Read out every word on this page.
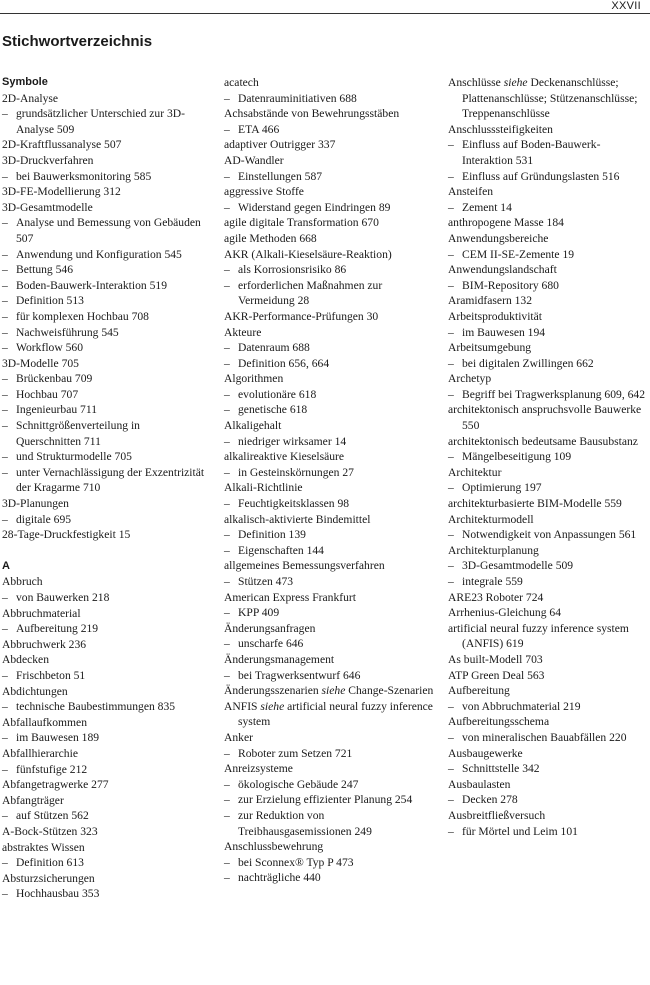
XXVII
Stichwortverzeichnis
Symbole
2D-Analyse
– grundsätzlicher Unterschied zur 3D-Analyse 509
2D-Kraftflussanalyse 507
3D-Druckverfahren
– bei Bauwerksmonitoring 585
3D-FE-Modellierung 312
3D-Gesamtmodelle
– Analyse und Bemessung von Gebäuden 507
– Anwendung und Konfiguration 545
– Bettung 546
– Boden-Bauwerk-Interaktion 519
– Definition 513
– für komplexen Hochbau 708
– Nachweisführung 545
– Workflow 560
3D-Modelle 705
– Brückenbau 709
– Hochbau 707
– Ingenieurbau 711
– Schnittgrößenverteilung in Querschnitten 711
– und Strukturmodelle 705
– unter Vernachlässigung der Exzentrizität der Kragarme 710
3D-Planungen
– digitale 695
28-Tage-Druckfestigkeit 15
A
Abbruch
– von Bauwerken 218
Abbruchmaterial
– Aufbereitung 219
Abbruchwerk 236
Abdecken
– Frischbeton 51
Abdichtungen
– technische Baubestimmungen 835
Abfallaufkommen
– im Bauwesen 189
Abfallhierarchie
– fünfstufige 212
Abfangetragwerke 277
Abfangträger
– auf Stützen 562
A-Bock-Stützen 323
abstraktes Wissen
– Definition 613
Absturzsicherungen
– Hochhausbau 353
acatech
– Datenrauminitiativen 688
Achsabstände von Bewehrungsstäben
– ETA 466
adaptiver Outrigger 337
AD-Wandler
– Einstellungen 587
aggressive Stoffe
– Widerstand gegen Eindringen 89
agile digitale Transformation 670
agile Methoden 668
AKR (Alkali-Kieselsäure-Reaktion)
– als Korrosionsrisiko 86
– erforderlichen Maßnahmen zur Vermeidung 28
AKR-Performance-Prüfungen 30
Akteure
– Datenraum 688
– Definition 656, 664
Algorithmen
– evolutionäre 618
– genetische 618
Alkaligehalt
– niedriger wirksamer 14
alkalireaktive Kieselsäure
– in Gesteinskörnungen 27
Alkali-Richtlinie
– Feuchtigkeitsklassen 98
alkalisch-aktivierte Bindemittel
– Definition 139
– Eigenschaften 144
allgemeines Bemessungsverfahren
– Stützen 473
American Express Frankfurt
– KPP 409
Änderungsanfragen
– unscharfe 646
Änderungsmanagement
– bei Tragwerksentwurf 646
Änderungsszenarien siehe Change-Szenarien
ANFIS siehe artificial neural fuzzy inference system
Anker
– Roboter zum Setzen 721
Anreizsysteme
– ökologische Gebäude 247
– zur Erzielung effizienter Planung 254
– zur Reduktion von Treibhausgasemissionen 249
Anschlussbewehrung
– bei Sconnex® Typ P 473
– nachträgliche 440
Anschlüsse siehe Deckenanschlüsse; Plattenanschlüsse; Stützenanschlüsse; Treppenanschlüsse
Anschlusssteifigkeiten
– Einfluss auf Boden-Bauwerk-Interaktion 531
– Einfluss auf Gründungslasten 516
Ansteifen
– Zement 14
anthropogene Masse 184
Anwendungsbereiche
– CEM II-SE-Zemente 19
Anwendungslandschaft
– BIM-Repository 680
Aramidfasern 132
Arbeitsproduktivität
– im Bauwesen 194
Arbeitsumgebung
– bei digitalen Zwillingen 662
Archetyp
– Begriff bei Tragwerksplanung 609, 642
architektonisch anspruchsvolle Bauwerke 550
architektonisch bedeutsame Bausubstanz
– Mängelbeseitigung 109
Architektur
– Optimierung 197
architekturbasierte BIM-Modelle 559
Architekturmodell
– Notwendigkeit von Anpassungen 561
Architekturplanung
– 3D-Gesamtmodelle 509
– integrale 559
ARE23 Roboter 724
Arrhenius-Gleichung 64
artificial neural fuzzy inference system (ANFIS) 619
As built-Modell 703
ATP Green Deal 563
Aufbereitung
– von Abbruchmaterial 219
Aufbereitungsschema
– von mineralischen Bauabfällen 220
Ausbaugewerke
– Schnittstelle 342
Ausbaulasten
– Decken 278
Ausbreitfließversuch
– für Mörtel und Leim 101
